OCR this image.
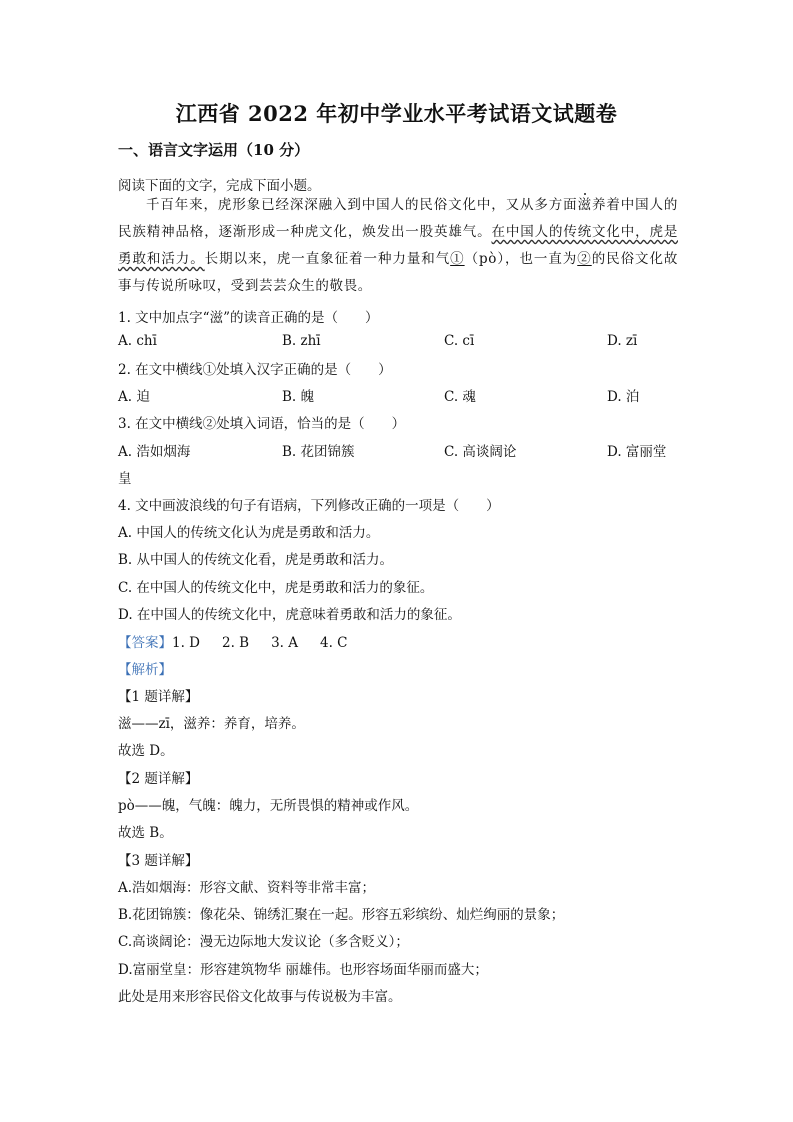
江西省 2022 年初中学业水平考试语文试题卷
一、语言文字运用（10 分）
阅读下面的文字，完成下面小题。
千百年来，虎形象已经深深融入到中国人的民俗文化中，又从多方面滋养着中国人的民族精神品格，逐渐形成一种虎文化，焕发出一股英雄气。在中国人的传统文化中，虎是勇敢和活力。长期以来，虎一直象征着一种力量和气①（pò），也一直为②的民俗文化故事与传说所咏叹，受到芸芸众生的敬畏。
1. 文中加点字“滋”的读音正确的是（　　）
A. chī	B. zhī	C. cī	D. zī
2. 在文中横线①处填入汉字正确的是（　　）
A. 迫	B. 魄	C. 魂	D. 泊
3. 在文中横线②处填入词语，恰当的是（　　）
A. 浩如烟海	B. 花团锦簇	C. 高谈阔论	D. 富丽堂
皇
4. 文中画波浪线的句子有语病，下列修改正确的一项是（　　）
A. 中国人的传统文化认为虎是勇敢和活力。
B. 从中国人的传统文化看，虎是勇敢和活力。
C. 在中国人的传统文化中，虎是勇敢和活力的象征。
D. 在中国人的传统文化中，虎意味着勇敢和活力的象征。
【答案】1. D 2. B 3. A 4. C
【解析】
【1 题详解】
滋——zī，滋养：养育，培养。
故选 D。
【2 题详解】
pò——魄，气魄：魄力，无所畏惧的精神或作风。
故选 B。
【3 题详解】
A.浩如烟海：形容文献、资料等非常丰富；
B.花团锦簇：像花朵、锦绣汇聚在一起。形容五彩缤纷、灿烂绚丽的景象；
C.高谈阔论：漫无边际地大发议论（多含贬义）；
D.富丽堂皇：形容建筑物华 丽雄伟。也形容场面华丽而盛大；
此处是用来形容民俗文化故事与传说极为丰富。
